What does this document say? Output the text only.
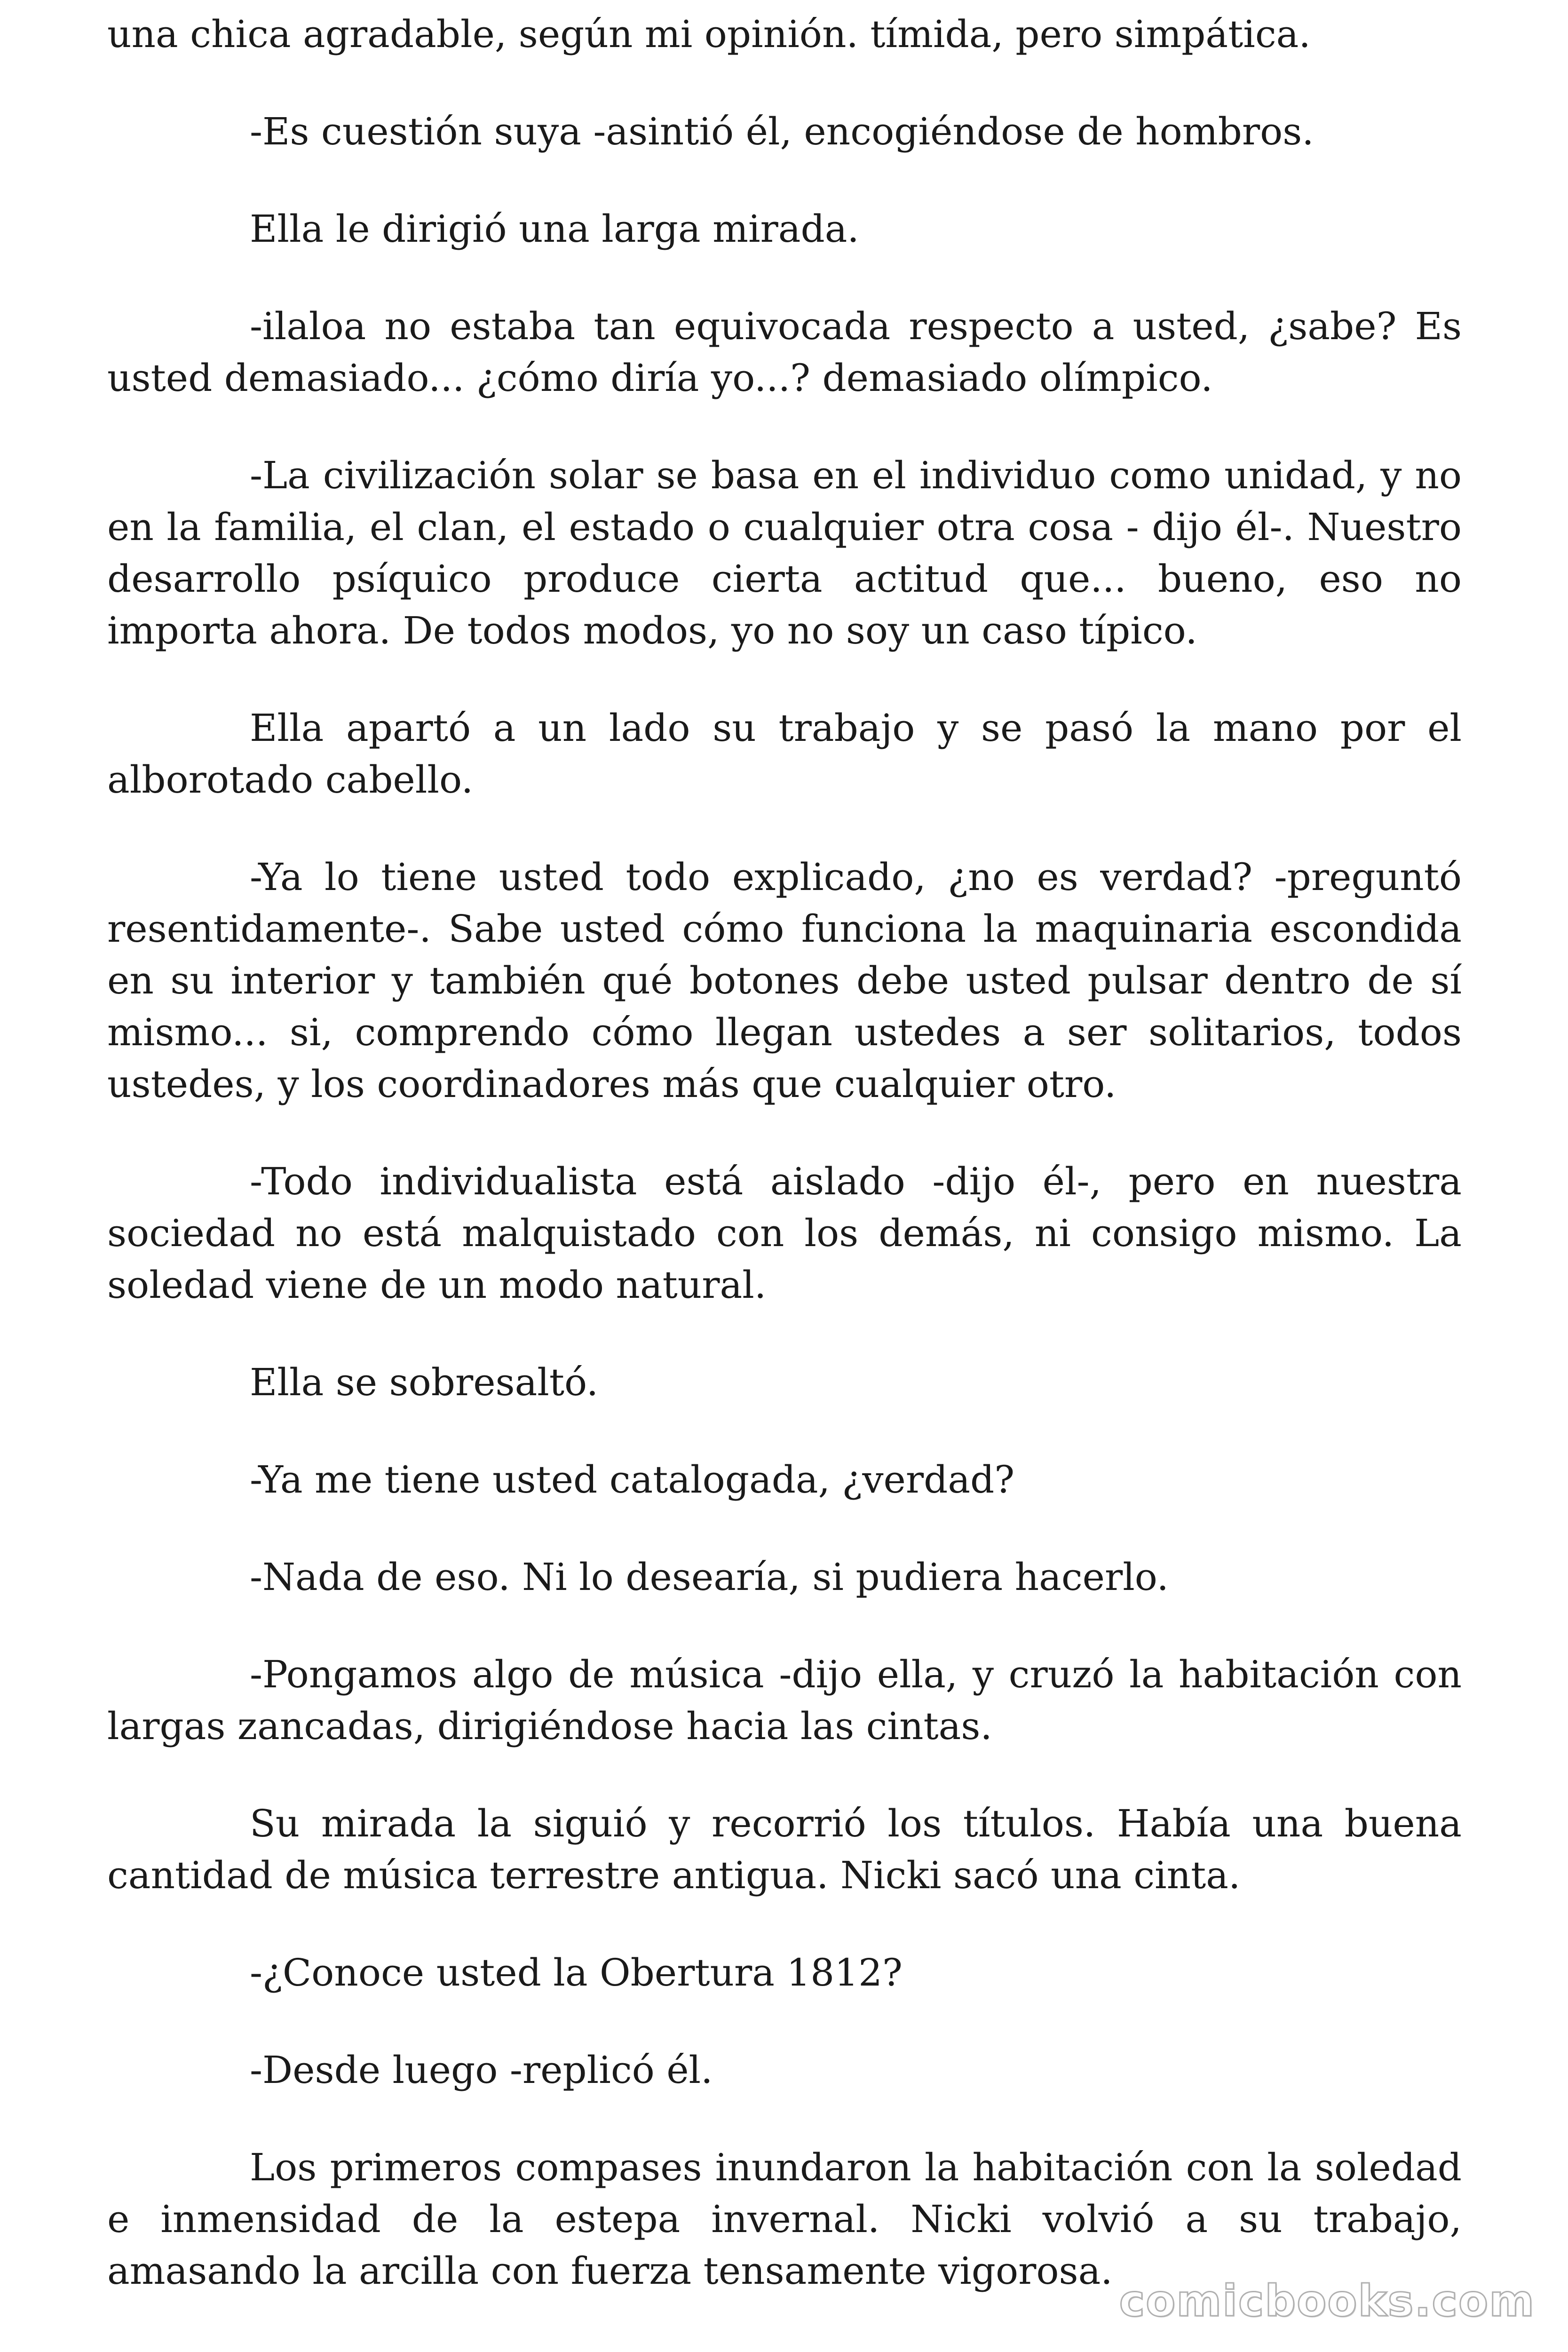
una chica agradable, según mi opinión. tímida, pero simpática.

-Es cuestión suya -asintió él, encogiéndose de hombros.

Ella le dirigió una larga mirada.

-ilaloa no estaba tan equivocada respecto a usted, ¿sabe? Es usted demasiado... ¿cómo diría yo...? demasiado olímpico.

-La civilización solar se basa en el individuo como unidad, y no en la familia, el clan, el estado o cualquier otra cosa - dijo él-. Nuestro desarrollo psíquico produce cierta actitud que... bueno, eso no importa ahora. De todos modos, yo no soy un caso típico.

Ella apartó a un lado su trabajo y se pasó la mano por el alborotado cabello.

-Ya lo tiene usted todo explicado, ¿no es verdad? -preguntó resentidamente-. Sabe usted cómo funciona la maquinaria escondida en su interior y también qué botones debe usted pulsar dentro de sí mismo... si, comprendo cómo llegan ustedes a ser solitarios, todos ustedes, y los coordinadores más que cualquier otro.

-Todo individualista está aislado -dijo él-, pero en nuestra sociedad no está malquistado con los demás, ni consigo mismo. La soledad viene de un modo natural.

Ella se sobresaltó.

-Ya me tiene usted catalogada, ¿verdad?

-Nada de eso. Ni lo desearía, si pudiera hacerlo.

-Pongamos algo de música -dijo ella, y cruzó la habitación con largas zancadas, dirigiéndose hacia las cintas.

Su mirada la siguió y recorrió los títulos. Había una buena cantidad de música terrestre antigua. Nicki sacó una cinta.

-¿Conoce usted la Obertura 1812?

-Desde luego -replicó él.

Los primeros compases inundaron la habitación con la soledad e inmensidad de la estepa invernal. Nicki volvió a su trabajo, amasando la arcilla con fuerza tensamente vigorosa.

comicbooks.com
